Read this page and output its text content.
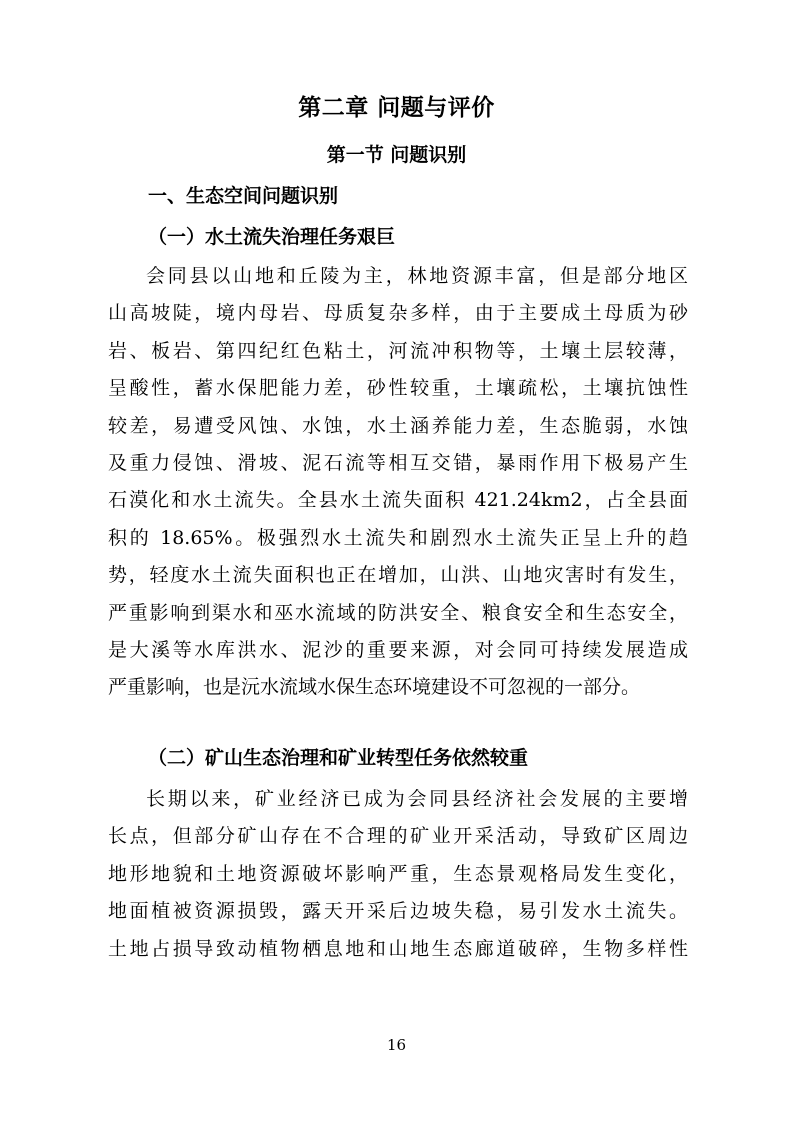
第二章 问题与评价
第一节 问题识别
一、生态空间问题识别
（一）水土流失治理任务艰巨
会同县以山地和丘陵为主，林地资源丰富，但是部分地区
山高坡陡，境内母岩、母质复杂多样，由于主要成土母质为砂
岩、板岩、第四纪红色粘土，河流冲积物等，土壤土层较薄，
呈酸性，蓄水保肥能力差，砂性较重，土壤疏松，土壤抗蚀性
较差，易遭受风蚀、水蚀，水土涵养能力差，生态脆弱，水蚀
及重力侵蚀、滑坡、泥石流等相互交错，暴雨作用下极易产生
石漠化和水土流失。全县水土流失面积 421.24km2，占全县面
积的 18.65%。极强烈水土流失和剧烈水土流失正呈上升的趋
势，轻度水土流失面积也正在增加，山洪、山地灾害时有发生，
严重影响到渠水和巫水流域的防洪安全、粮食安全和生态安全，
是大溪等水库洪水、泥沙的重要来源，对会同可持续发展造成
严重影响，也是沅水流域水保生态环境建设不可忽视的一部分。
（二）矿山生态治理和矿业转型任务依然较重
长期以来，矿业经济已成为会同县经济社会发展的主要增
长点，但部分矿山存在不合理的矿业开采活动，导致矿区周边
地形地貌和土地资源破坏影响严重，生态景观格局发生变化，
地面植被资源损毁，露天开采后边坡失稳，易引发水土流失。
土地占损导致动植物栖息地和山地生态廊道破碎，生物多样性
16
